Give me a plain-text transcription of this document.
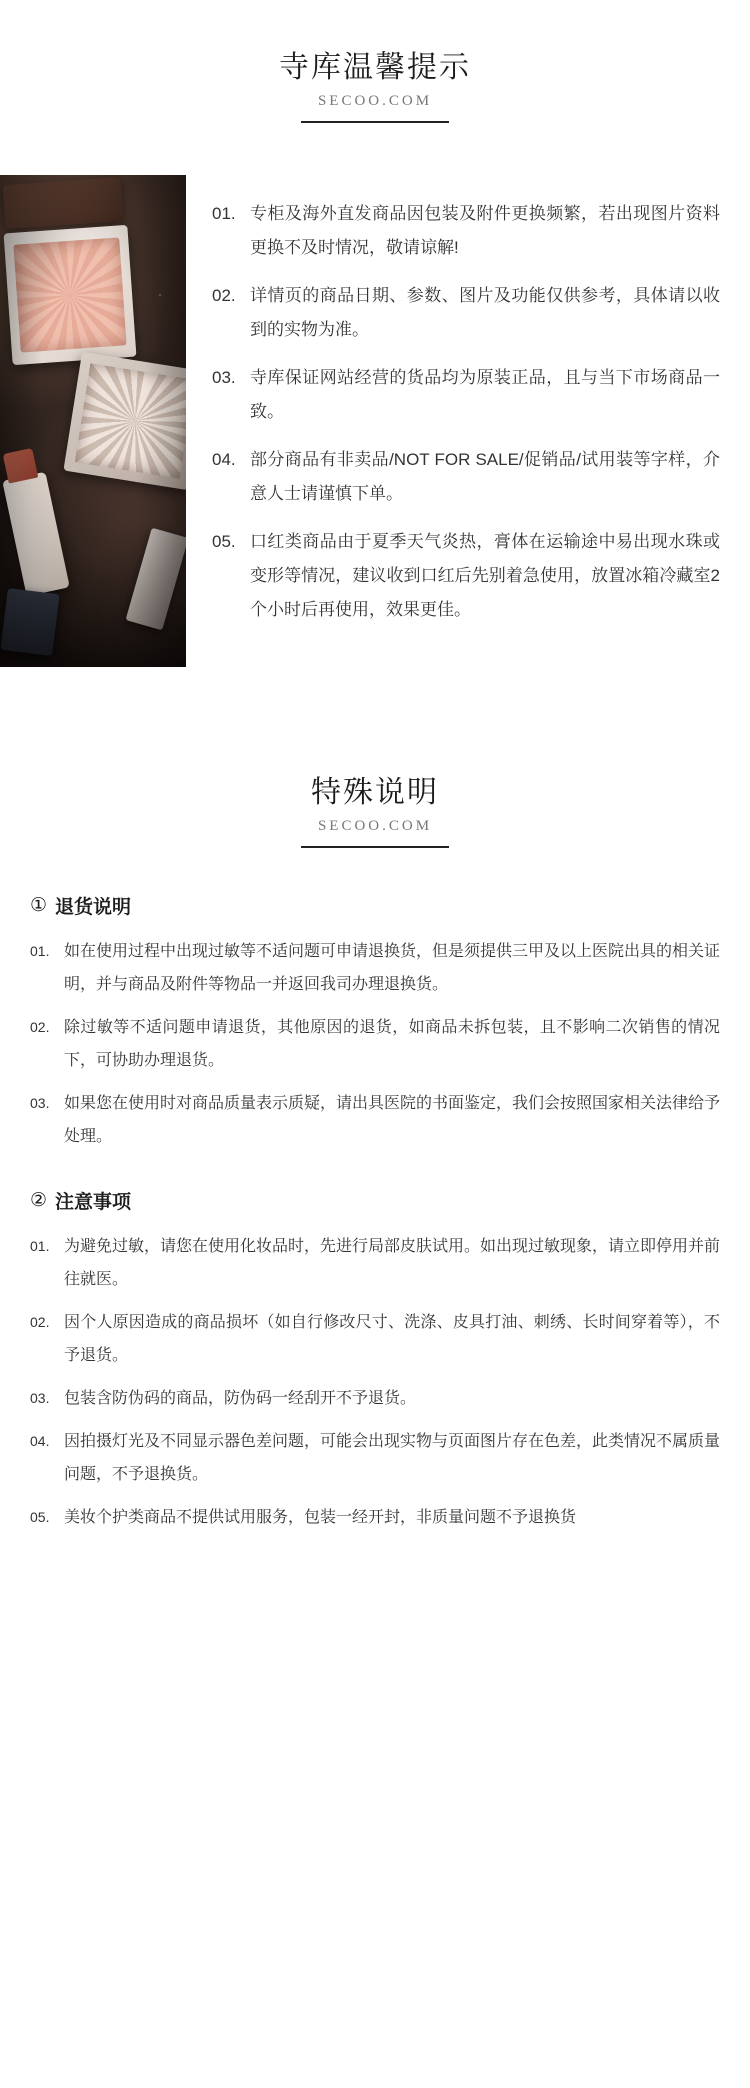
寺库温馨提示
SECOO.COM
01. 专柜及海外直发商品因包装及附件更换频繁，若出现图片资料更换不及时情况，敬请谅解!
02. 详情页的商品日期、参数、图片及功能仅供参考，具体请以收到的实物为准。
03. 寺库保证网站经营的货品均为原装正品，且与当下市场商品一致。
04. 部分商品有非卖品/NOT FOR SALE/促销品/试用装等字样，介意人士请谨慎下单。
05. 口红类商品由于夏季天气炎热，膏体在运输途中易出现水珠或变形等情况，建议收到口红后先别着急使用，放置冰箱冷藏室2个小时后再使用，效果更佳。
特殊说明
SECOO.COM
① 退货说明
01. 如在使用过程中出现过敏等不适问题可申请退换货，但是须提供三甲及以上医院出具的相关证明，并与商品及附件等物品一并返回我司办理退换货。
02. 除过敏等不适问题申请退货，其他原因的退货，如商品未拆包装，且不影响二次销售的情况下，可协助办理退货。
03. 如果您在使用时对商品质量表示质疑，请出具医院的书面鉴定，我们会按照国家相关法律给予处理。
② 注意事项
01. 为避免过敏，请您在使用化妆品时，先进行局部皮肤试用。如出现过敏现象，请立即停用并前往就医。
02. 因个人原因造成的商品损坏（如自行修改尺寸、洗涤、皮具打油、刺绣、长时间穿着等），不予退货。
03. 包装含防伪码的商品，防伪码一经刮开不予退货。
04. 因拍摄灯光及不同显示器色差问题，可能会出现实物与页面图片存在色差，此类情况不属质量问题，不予退换货。
05. 美妆个护类商品不提供试用服务，包装一经开封，非质量问题不予退换货
